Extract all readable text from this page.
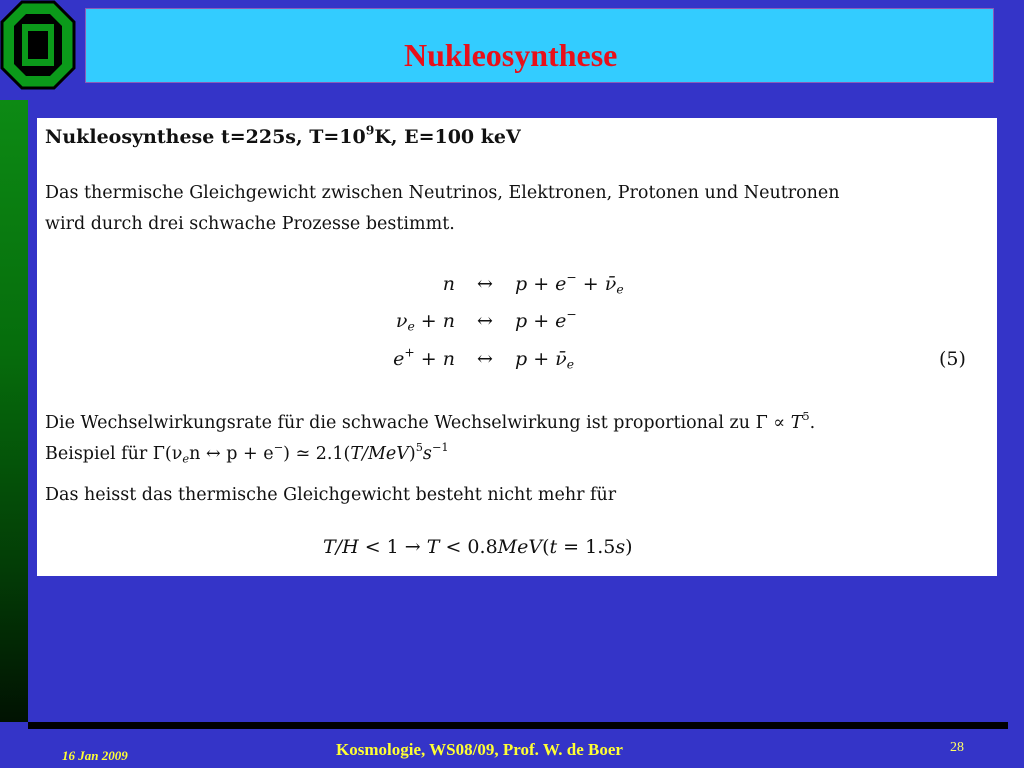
Nukleosynthese
Nukleosynthese t=225s, $T=10^9K$, E=100 keV
Das thermische Gleichgewicht zwischen Neutrinos, Elektronen, Protonen und Neutronen
wird durch drei schwache Prozesse bestimmt.
n ↔ $p + e^- + \nū_e$
$\nu_e + n$ ↔ p + e−
e+ + n ↔ $p + \nū_e$	(5)
Die Wechselwirkungsrate für die schwache Wechselwirkung ist proportional zu $\Gamma \propto T^5$.
Beispiel für $\Gamma(\nu_en$ ↔ p + e−) ≃ $2.1(T/MeV)^5s^{-1}$
Das heisst das thermische Gleichgewicht besteht nicht mehr für
T/H < 1 → T < 0.8MeV(t = 1.5s)
16 Jan 2009	Kosmologie, WS08/09, Prof. W. de Boer	28
